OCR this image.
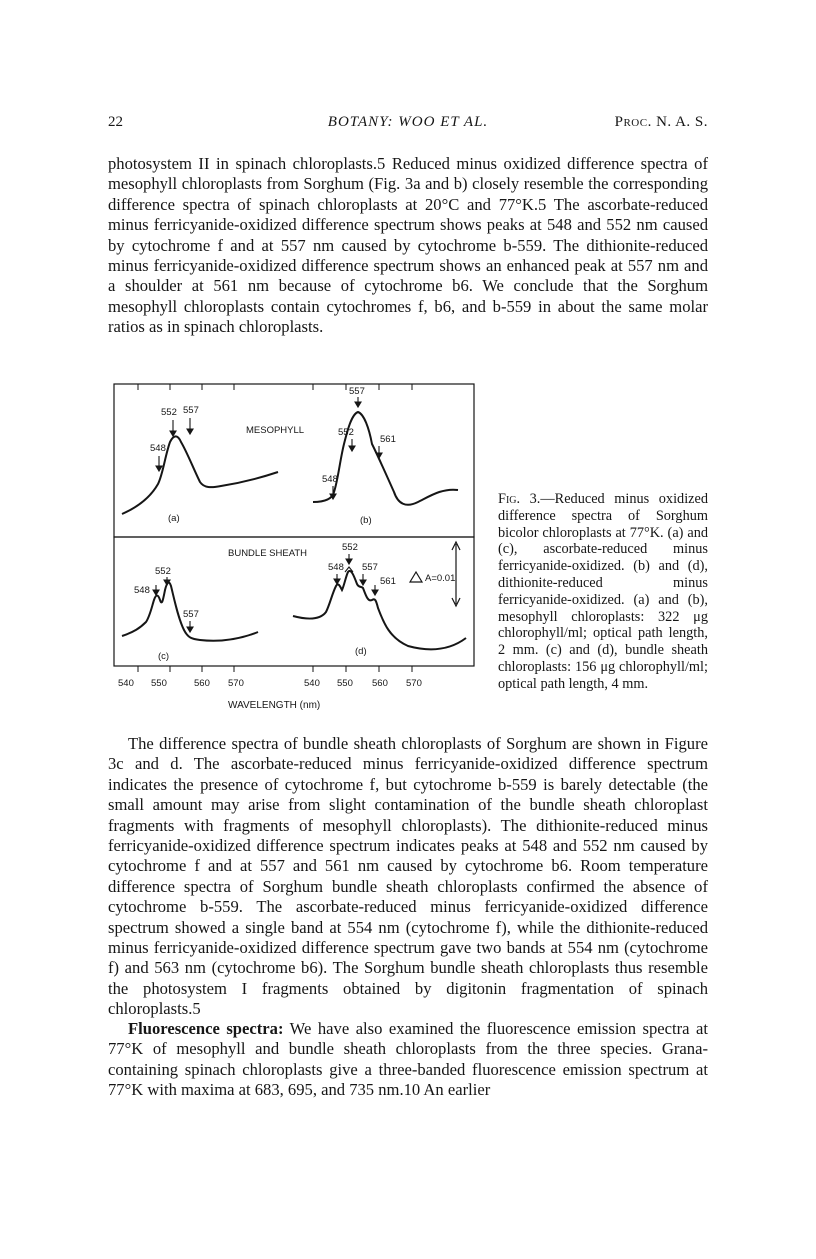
22	BOTANY: WOO ET AL.	Proc. N. A. S.

photosystem II in spinach chloroplasts.5 Reduced minus oxidized difference spectra of mesophyll chloroplasts from Sorghum (Fig. 3a and b) closely resemble the corresponding difference spectra of spinach chloroplasts at 20°C and 77°K.5 The ascorbate-reduced minus ferricyanide-oxidized difference spectrum shows peaks at 548 and 552 nm caused by cytochrome f and at 557 nm caused by cytochrome b-559. The dithionite-reduced minus ferricyanide-oxidized difference spectrum shows an enhanced peak at 557 nm and a shoulder at 561 nm because of cytochrome b6. We conclude that the Sorghum mesophyll chloroplasts contain cytochromes f, b6, and b-559 in about the same molar ratios as in spinach chloroplasts.

MESOPHYLL
BUNDLE SHEATH
548
552 557
(a)
548
552
557
561
(b)
548
552
557
(c)
548
552
557
561
(d)
A=0.01
540 550	560 570	540 550 560 570
WAVELENGTH (nm)
Fig. 3.—Reduced minus oxidized difference spectra of Sorghum bicolor chloroplasts at 77°K. (a) and (c), ascorbate-reduced minus ferricyanide-oxidized. (b) and (d), dithionite-reduced minus ferricyanide-oxidized. (a) and (b), mesophyll chloroplasts: 322 μg chlorophyll/ml; optical path length, 2 mm. (c) and (d), bundle sheath chloroplasts: 156 μg chlorophyll/ml; optical path length, 4 mm.

The difference spectra of bundle sheath chloroplasts of Sorghum are shown in Figure 3c and d. The ascorbate-reduced minus ferricyanide-oxidized difference spectrum indicates the presence of cytochrome f, but cytochrome b-559 is barely detectable (the small amount may arise from slight contamination of the bundle sheath chloroplast fragments with fragments of mesophyll chloroplasts). The dithionite-reduced minus ferricyanide-oxidized difference spectrum indicates peaks at 548 and 552 nm caused by cytochrome f and at 557 and 561 nm caused by cytochrome b6. Room temperature difference spectra of Sorghum bundle sheath chloroplasts confirmed the absence of cytochrome b-559. The ascorbate-reduced minus ferricyanide-oxidized difference spectrum showed a single band at 554 nm (cytochrome f), while the dithionite-reduced minus ferricyanide-oxidized difference spectrum gave two bands at 554 nm (cytochrome f) and 563 nm (cytochrome b6). The Sorghum bundle sheath chloroplasts thus resemble the photosystem I fragments obtained by digitonin fragmentation of spinach chloroplasts.5

Fluorescence spectra: We have also examined the fluorescence emission spectra at 77°K of mesophyll and bundle sheath chloroplasts from the three species. Grana-containing spinach chloroplasts give a three-banded fluorescence emission spectrum at 77°K with maxima at 683, 695, and 735 nm.10 An earlier
